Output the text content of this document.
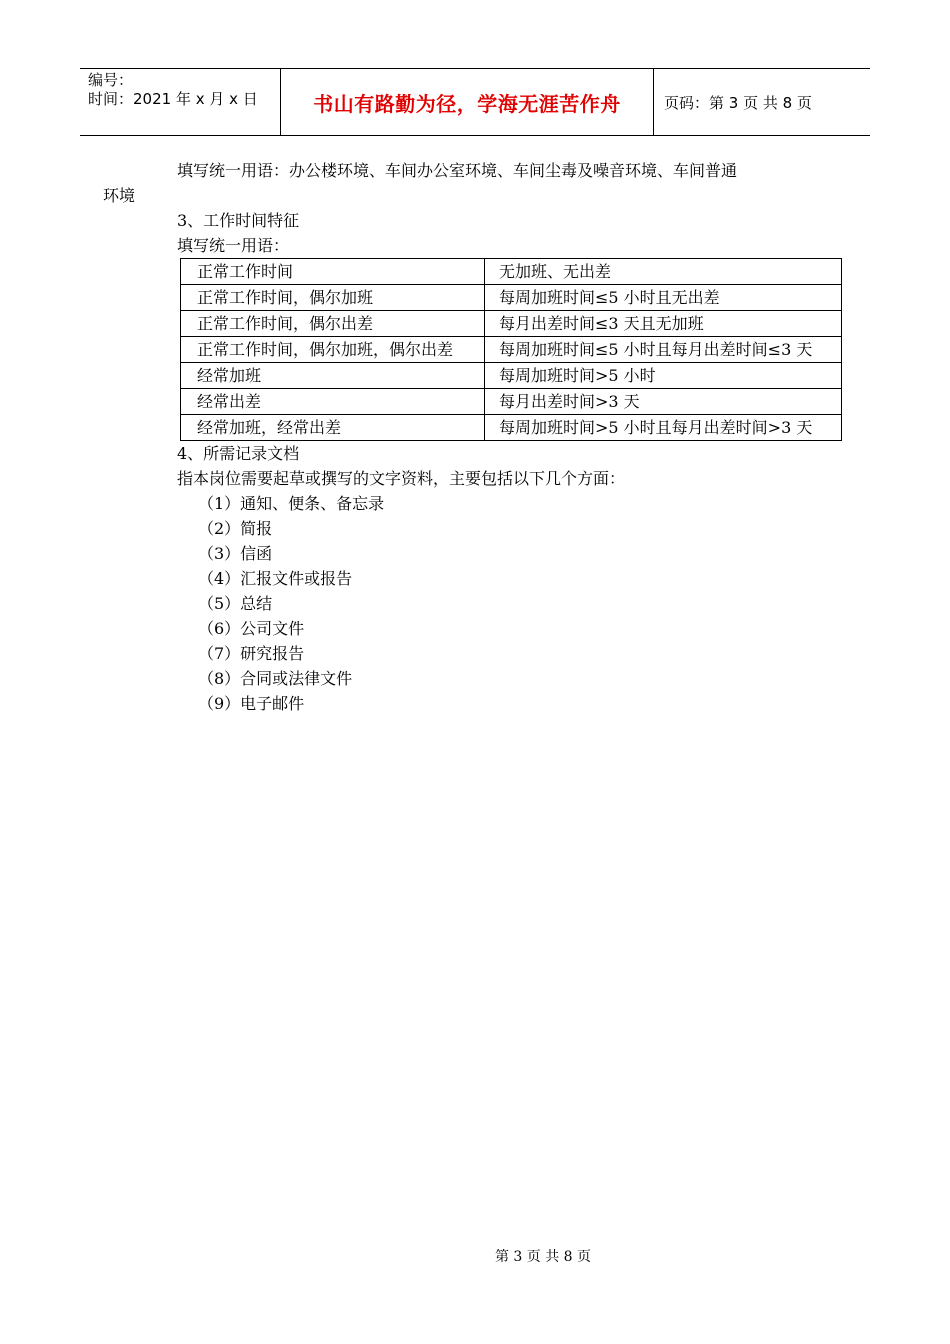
编号：
时间：2021 年 x 月 x 日	书山有路勤为径，学海无涯苦作舟	页码：第 3 页 共 8 页

填写统一用语：办公楼环境、车间办公室环境、车间尘毒及噪音环境、车间普通
环境

3、工作时间特征
填写统一用语：
正常工作时间	无加班、无出差
正常工作时间，偶尔加班	每周加班时间≤5 小时且无出差
正常工作时间，偶尔出差	每月出差时间≤3 天且无加班
正常工作时间，偶尔加班，偶尔出差	每周加班时间≤5 小时且每月出差时间≤3 天
经常加班	每周加班时间>5 小时
经常出差	每月出差时间>3 天
经常加班，经常出差	每周加班时间>5 小时且每月出差时间>3 天
4、所需记录文档
指本岗位需要起草或撰写的文字资料，主要包括以下几个方面：
（1）通知、便条、备忘录
（2）简报
（3）信函
（4）汇报文件或报告
（5）总结
（6）公司文件
（7）研究报告
（8）合同或法律文件
（9）电子邮件
第 3 页 共 8 页
